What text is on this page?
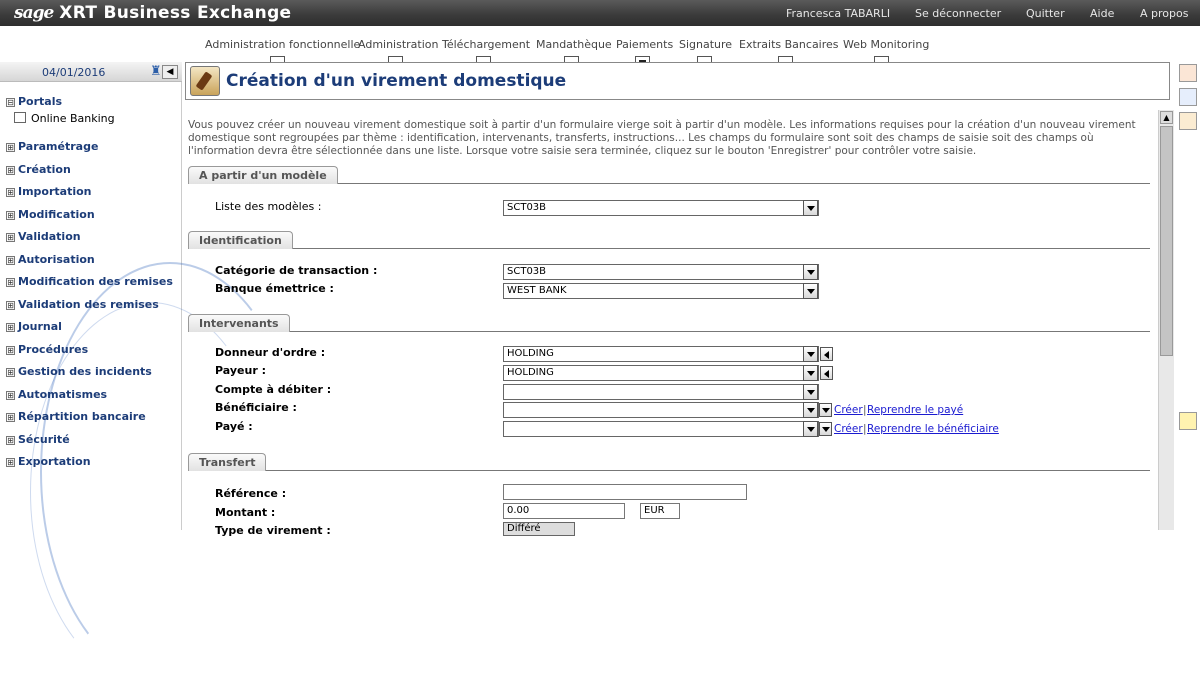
sage XRT Business Exchange	Francesca TABARLI Se déconnecter Quitter Aide A propos
Administration fonctionnelle
Administration Téléchargement Mandathèque Paiements Signature Extraits Bancaires Web Monitoring
04/01/2016	♜ ◀
⊟ Portals
Online Banking
⊞ Paramétrage
⊞ Création
⊞ Importation
⊞ Modification
⊞ Validation
⊞ Autorisation
⊞ Modification des remises
⊞ Validation des remises
⊞ Journal
⊞ Procédures
⊞ Gestion des incidents
⊞ Automatismes
⊞ Répartition bancaire
⊞ Sécurité
⊞ Exportation
Création d'un virement domestique
▲
Vous pouvez créer un nouveau virement domestique soit à partir d'un formulaire vierge soit à partir d'un modèle. Les informations requises pour la création d'un nouveau virement domestique sont regroupées par thème : identification, intervenants, transferts, instructions... Les champs du formulaire sont soit des champs de saisie soit des champs où l'information devra être sélectionnée dans une liste. Lorsque votre saisie sera terminée, cliquez sur le bouton 'Enregistrer' pour contrôler votre saisie.
A partir d'un modèle
Liste des modèles :	SCT03B
Identification
Catégorie de transaction :	SCT03B
Banque émettrice :	WEST BANK
Intervenants
Donneur d'ordre :	HOLDING
Payeur :	HOLDING
Compte à débiter :
Bénéficiaire :	Créer | Reprendre le payé
Payé :	Créer | Reprendre le bénéficiaire
Transfert
Référence :
Montant :	0.00	EUR
Type de virement :	Différé
